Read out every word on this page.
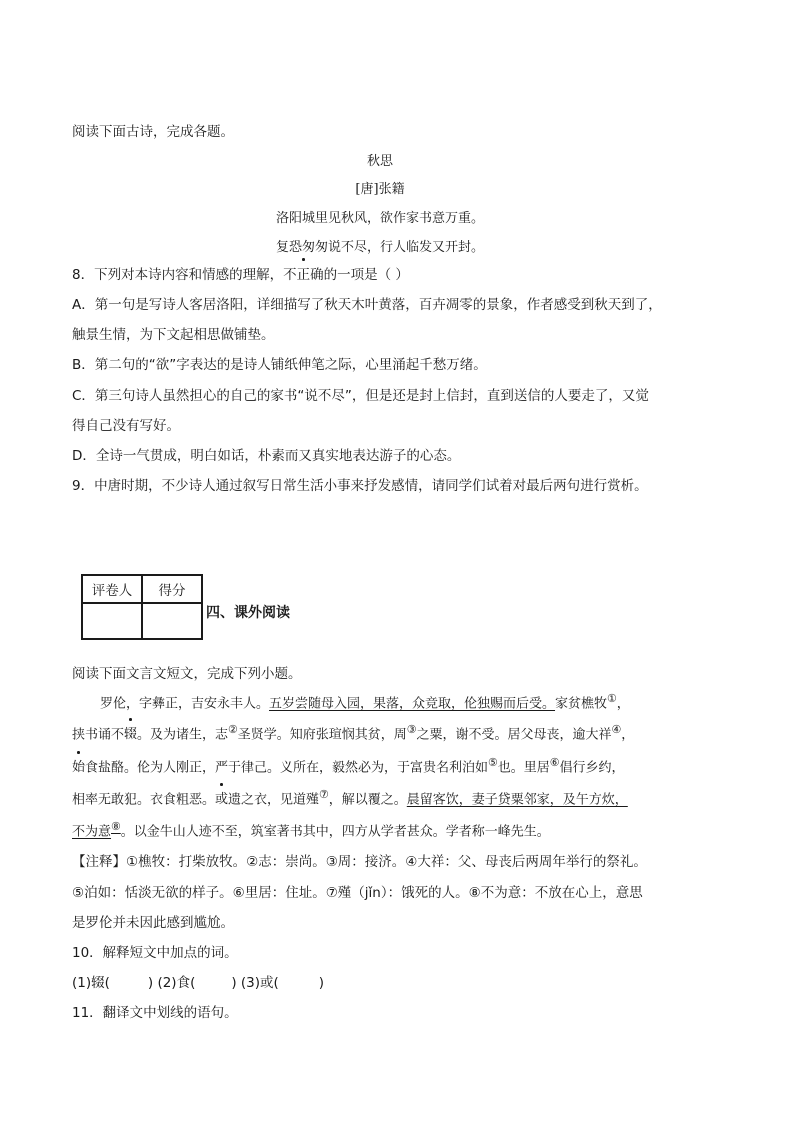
阅读下面古诗，完成各题。
秋思
[唐]张籍
洛阳城里见秋风，欲作家书意万重。
复恐匆匆说不尽，行人临发又开封。
8．下列对本诗内容和情感的理解，不正确的一项是（ ）
A．第一句是写诗人客居洛阳，详细描写了秋天木叶黄落，百卉凋零的景象，作者感受到秋天到了，
触景生情，为下文起相思做铺垫。
B．第二句的“欲”字表达的是诗人铺纸伸笔之际，心里涌起千愁万绪。
C．第三句诗人虽然担心的自己的家书“说不尽”，但是还是封上信封，直到送信的人要走了，又觉
得自己没有写好。
D．全诗一气贯成，明白如话，朴素而又真实地表达游子的心态。
9．中唐时期，不少诗人通过叙写日常生活小事来抒发感情，请同学们试着对最后两句进行赏析。
评卷人	得分

四、课外阅读
阅读下面文言文短文，完成下列小题。
罗伦，字彝正，吉安永丰人。五岁尝随母入园，果落，众竞取，伦独赐而后受。家贫樵牧①，
挟书诵不辍。及为诸生，志②圣贤学。知府张瑄悯其贫，周③之粟，谢不受。居父母丧，逾大祥④，
始食盐酪。伦为人刚正，严于律己。义所在，毅然必为，于富贵名利泊如⑤也。里居⑥倡行乡约，
相率无敢犯。衣食粗恶。或遗之衣，见道殣⑦，解以覆之。晨留客饮，妻子贷粟邻家，及午方炊，
不为意⑧。以金牛山人迹不至，筑室著书其中，四方从学者甚众。学者称一峰先生。
【注释】①樵牧：打柴放牧。②志：崇尚。③周：接济。④大祥：父、母丧后两周年举行的祭礼。
⑤泊如：恬淡无欲的样子。⑥里居：住址。⑦殣（jǐn）：饿死的人。⑧不为意：不放在心上，意思
是罗伦并未因此感到尴尬。
10．解释短文中加点的词。
(1)辍(	) (2)食(	) (3)或(	)
11．翻译文中划线的语句。
